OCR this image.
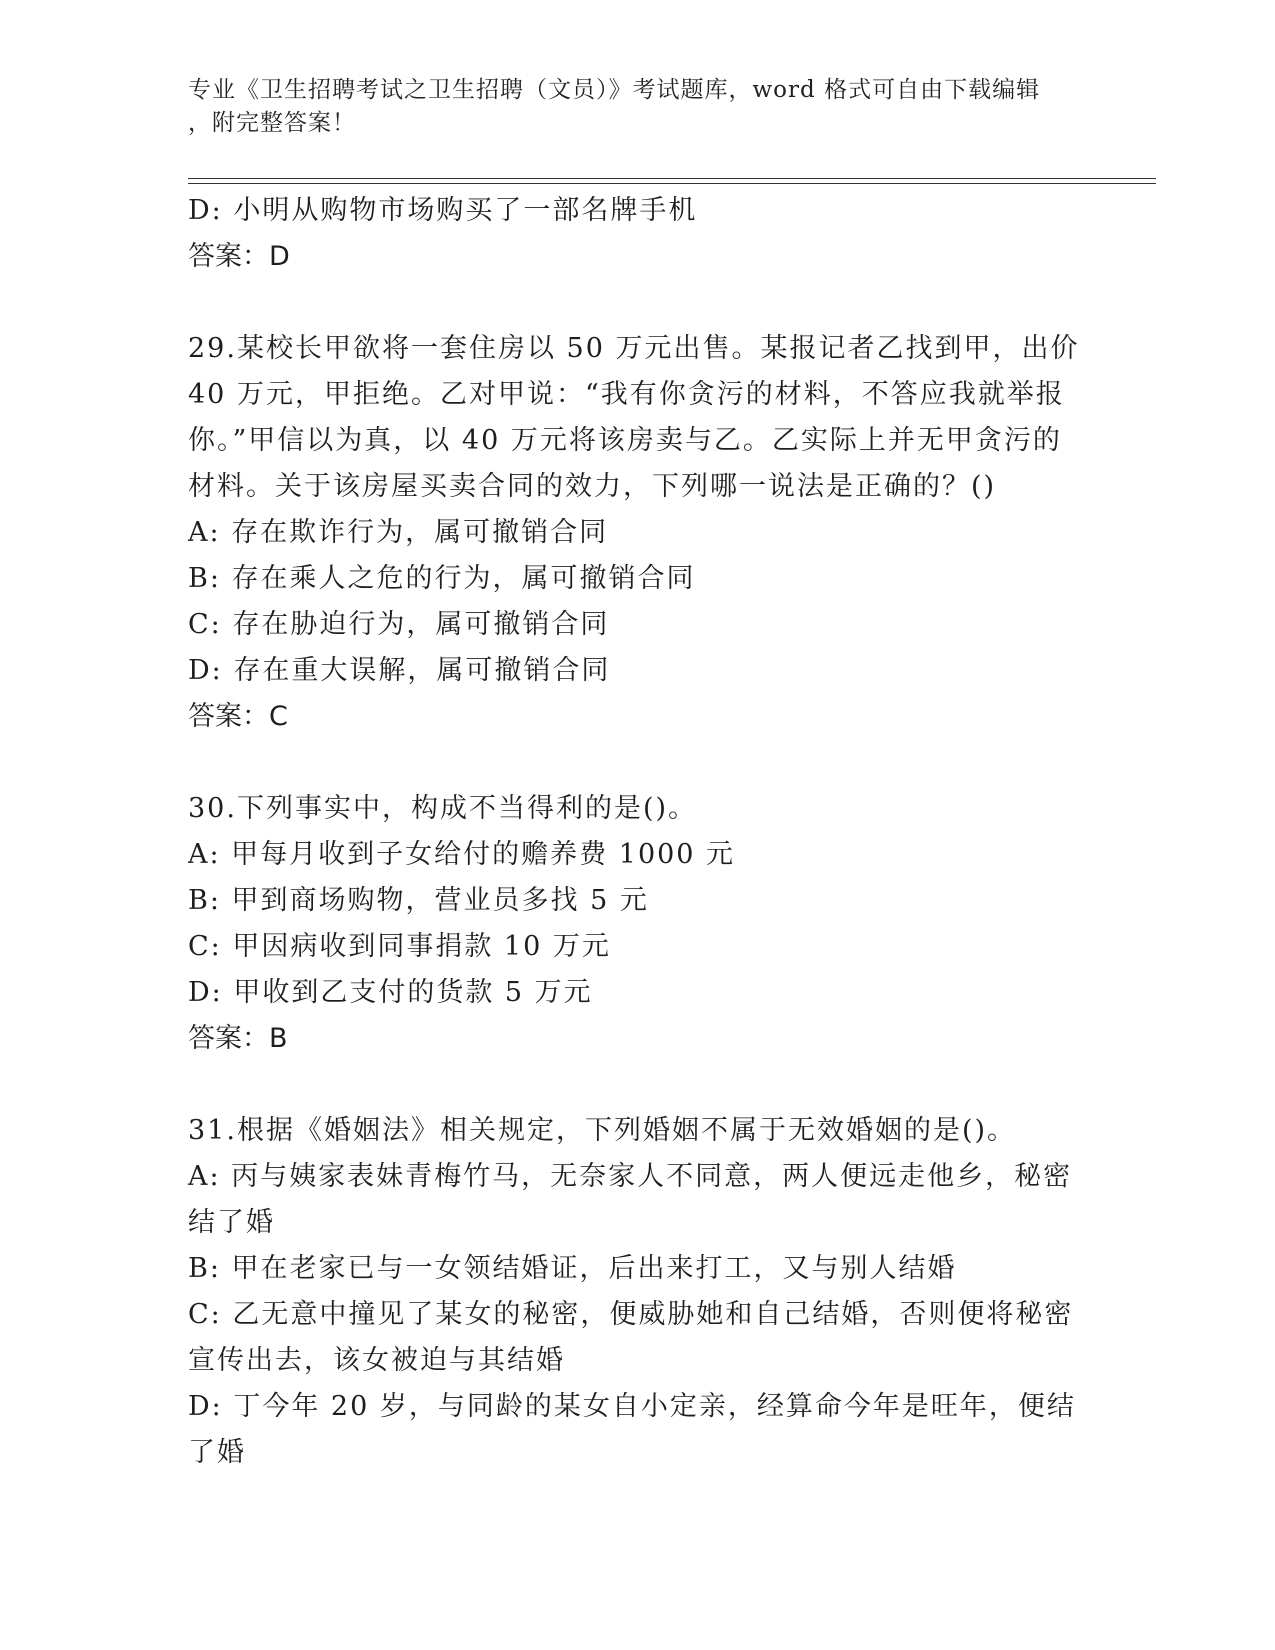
专业《卫生招聘考试之卫生招聘（文员）》考试题库，word 格式可自由下载编辑
，附完整答案！
D: 小明从购物市场购买了一部名牌手机
答案：D
29.某校长甲欲将一套住房以 50 万元出售。某报记者乙找到甲，出价
40 万元，甲拒绝。乙对甲说：“我有你贪污的材料，不答应我就举报
你。”甲信以为真，以 40 万元将该房卖与乙。乙实际上并无甲贪污的
材料。关于该房屋买卖合同的效力，下列哪一说法是正确的？()
A: 存在欺诈行为，属可撤销合同
B: 存在乘人之危的行为，属可撤销合同
C: 存在胁迫行为，属可撤销合同
D: 存在重大误解，属可撤销合同
答案：C
30.下列事实中，构成不当得利的是()。
A: 甲每月收到子女给付的赡养费 1000 元
B: 甲到商场购物，营业员多找 5 元
C: 甲因病收到同事捐款 10 万元
D: 甲收到乙支付的货款 5 万元
答案：B
31.根据《婚姻法》相关规定，下列婚姻不属于无效婚姻的是()。
A: 丙与姨家表妹青梅竹马，无奈家人不同意，两人便远走他乡，秘密
结了婚
B: 甲在老家已与一女领结婚证，后出来打工，又与别人结婚
C: 乙无意中撞见了某女的秘密，便威胁她和自己结婚，否则便将秘密
宣传出去，该女被迫与其结婚
D: 丁今年 20 岁，与同龄的某女自小定亲，经算命今年是旺年，便结
了婚
